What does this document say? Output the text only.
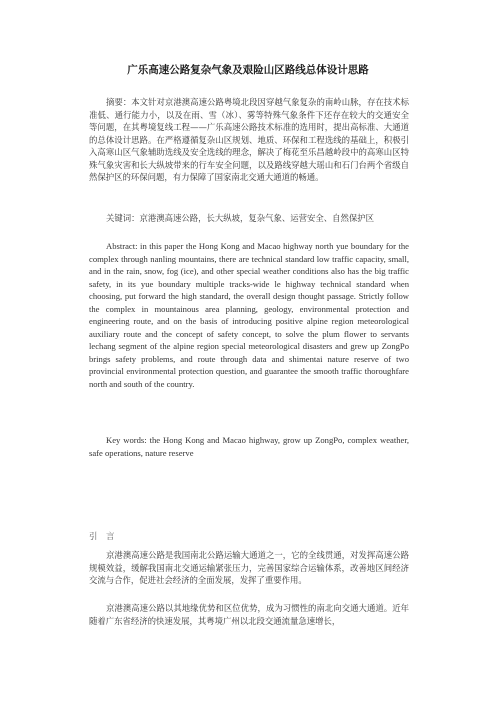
广乐高速公路复杂气象及艰险山区路线总体设计思路

摘要：本文针对京港澳高速公路粤境北段因穿越气象复杂的南岭山脉，存在技术标准低、通行能力小，以及在雨、雪（冰）、雾等特殊气象条件下还存在较大的交通安全等问题，在其粤境复线工程——广乐高速公路技术标准的选用时，提出高标准、大通道的总体设计思路。在严格遵循复杂山区规划、地质、环保和工程选线的基础上，积极引入高寒山区气象辅助选线及安全选线的理念，解决了梅花至乐昌越岭段中的高寒山区特殊气象灾害和长大纵坡带来的行车安全问题，以及路线穿越大瑶山和石门台两个省级自然保护区的环保问题，有力保障了国家南北交通大通道的畅通。

关键词：京港澳高速公路，长大纵坡，复杂气象、运营安全、自然保护区

Abstract: in this paper the Hong Kong and Macao highway north yue boundary for the complex through nanling mountains, there are technical standard low traffic capacity, small, and in the rain, snow, fog (ice), and other special weather conditions also has the big traffic safety, in its yue boundary multiple tracks-wide le highway technical standard when choosing, put forward the high standard, the overall design thought passage. Strictly follow the complex in mountainous area planning, geology, environmental protection and engineering route, and on the basis of introducing positive alpine region meteorological auxiliary route and the concept of safety concept, to solve the plum flower to servants lechang segment of the alpine region special meteorological disasters and grew up ZongPo brings safety problems, and route through data and shimentai nature reserve of two provincial environmental protection question, and guarantee the smooth traffic thoroughfare north and south of the country.

Key words: the Hong Kong and Macao highway, grow up ZongPo, complex weather, safe operations, nature reserve

引 言

京港澳高速公路是我国南北公路运输大通道之一，它的全线贯通，对发挥高速公路规模效益，缓解我国南北交通运输紧张压力，完善国家综合运输体系，改善地区间经济交流与合作，促进社会经济的全面发展，发挥了重要作用。

京港澳高速公路以其地缘优势和区位优势，成为习惯性的南北向交通大通道。近年随着广东省经济的快速发展，其粤境广州以北段交通流量急速增长，
